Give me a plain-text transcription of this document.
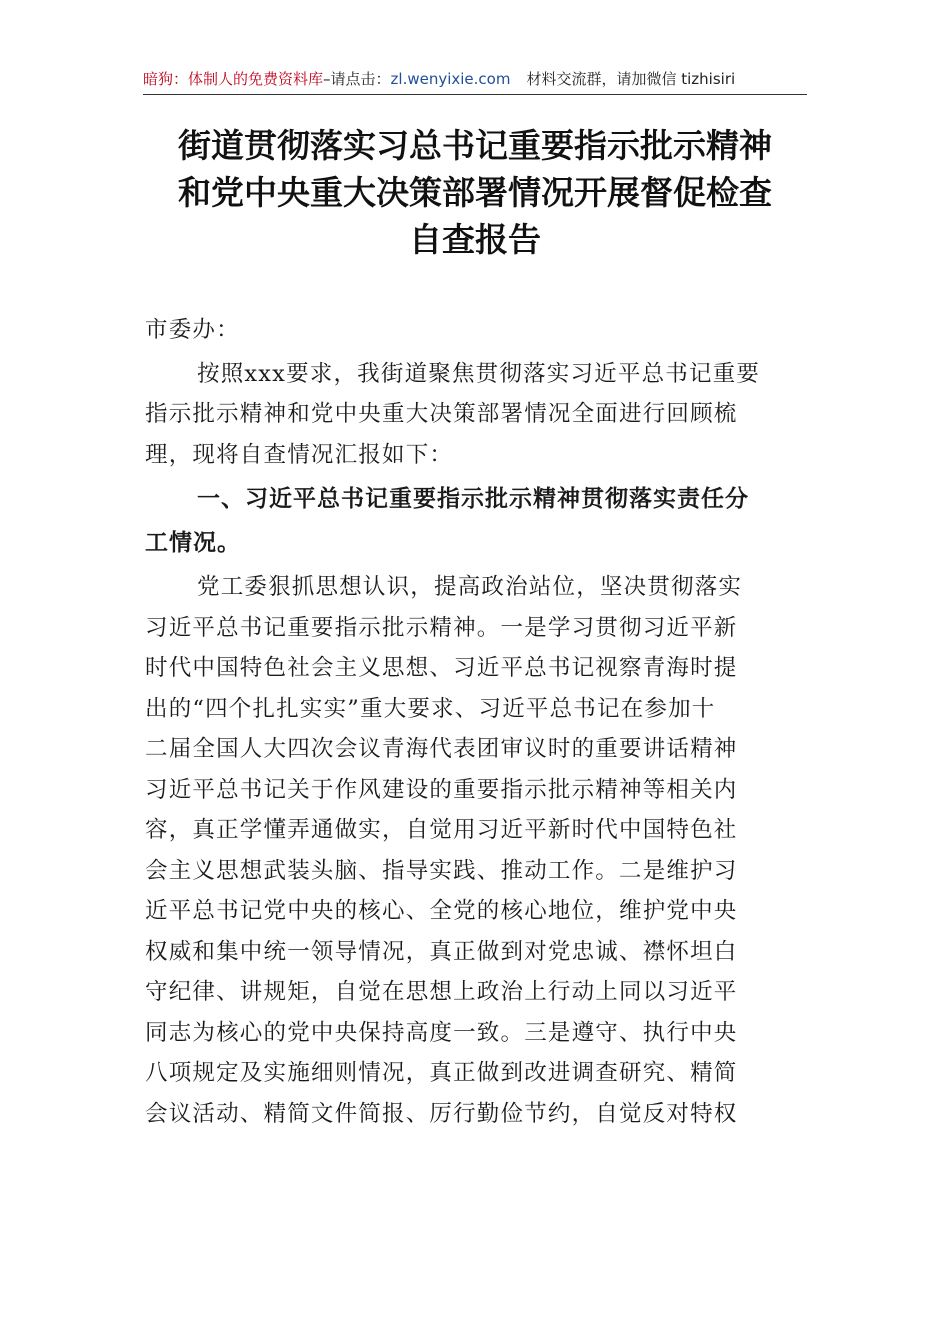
暗狗：体制人的免费资料库–请点击：zl.wenyixie.com 材料交流群，请加微信 tizhisiri
街道贯彻落实习总书记重要指示批示精神
和党中央重大决策部署情况开展督促检查
自查报告
市委办：
按照xxx要求，我街道聚焦贯彻落实习近平总书记重要
指示批示精神和党中央重大决策部署情况全面进行回顾梳
理，现将自查情况汇报如下：
一、习近平总书记重要指示批示精神贯彻落实责任分
工情况。
党工委狠抓思想认识，提高政治站位，坚决贯彻落实
习近平总书记重要指示批示精神。一是学习贯彻习近平新
时代中国特色社会主义思想、习近平总书记视察青海时提
出的“四个扎扎实实”重大要求、习近平总书记在参加十
二届全国人大四次会议青海代表团审议时的重要讲话精神
习近平总书记关于作风建设的重要指示批示精神等相关内
容，真正学懂弄通做实，自觉用习近平新时代中国特色社
会主义思想武装头脑、指导实践、推动工作。二是维护习
近平总书记党中央的核心、全党的核心地位，维护党中央
权威和集中统一领导情况，真正做到对党忠诚、襟怀坦白
守纪律、讲规矩，自觉在思想上政治上行动上同以习近平
同志为核心的党中央保持高度一致。三是遵守、执行中央
八项规定及实施细则情况，真正做到改进调查研究、精简
会议活动、精简文件简报、厉行勤俭节约，自觉反对特权
